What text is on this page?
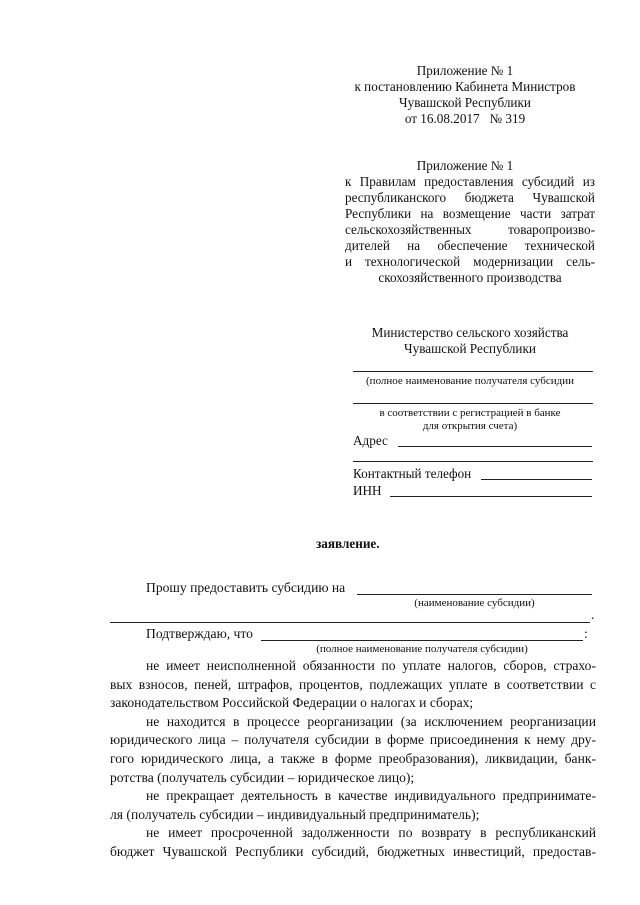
Приложение № 1
к постановлению Кабинета Министров
Чувашской Республики
от 16.08.2017   № 319
Приложение № 1
к Правилам предоставления субсидий из
республиканского бюджета Чувашской
Республики на возмещение части затрат
сельскохозяйственных товаропроизво-
дителей на обеспечение технической
и технологической модернизации сель-
скохозяйственного производства
Министерство сельского хозяйства
Чувашской Республики
(полное наименование получателя субсидии
в соответствии с регистрацией в банке
для открытия счета)
Адрес
Контактный телефон
ИНН
заявление.
Прошу предоставить субсидию на
(наименование субсидии)
.
Подтверждаю, что	:
(полное наименование получателя субсидии)
не имеет неисполненной обязанности по уплате налогов, сборов, страхо-
вых взносов, пеней, штрафов, процентов, подлежащих уплате в соответствии с
законодательством Российской Федерации о налогах и сборах;
не находится в процессе реорганизации (за исключением реорганизации
юридического лица – получателя субсидии в форме присоединения к нему дру-
гого юридического лица, а также в форме преобразования), ликвидации, банк-
ротства (получатель субсидии – юридическое лицо);
не прекращает деятельность в качестве индивидуального предпринимате-
ля (получатель субсидии – индивидуальный предприниматель);
не имеет просроченной задолженности по возврату в республиканский
бюджет Чувашской Республики субсидий, бюджетных инвестиций, предостав-
